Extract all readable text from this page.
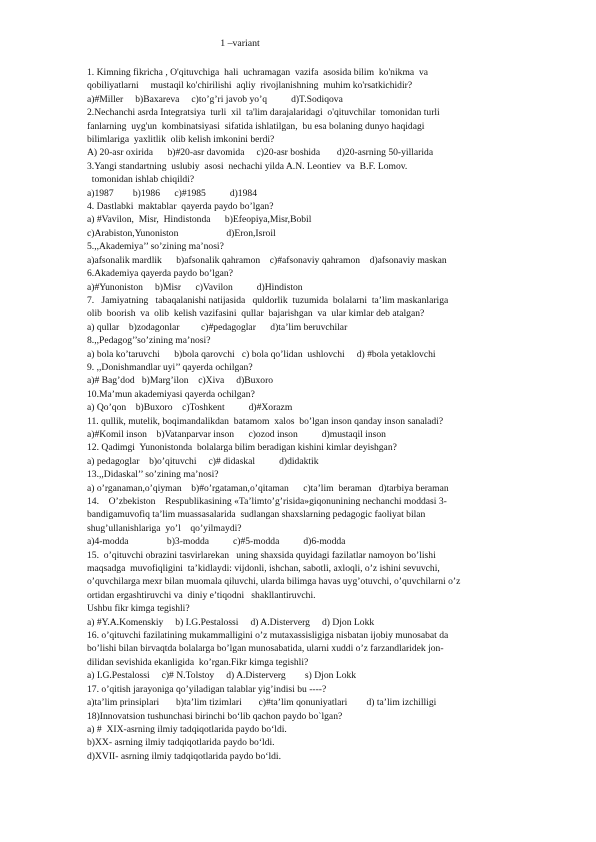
1 –variant
1. Kimning fikricha , O'qituvchiga  hali  uchramagan  vazifa  asosida bilim  ko'nikma  va
qobiliyatlarni     mustaqil ko'chirilishi  aqliy  rivojlanishning  muhim ko'rsatkichidir?
a)#Miller     b)Baxareva     c)to’g’ri javob yo’q          d)T.Sodiqova
2.Nechanchi asrda Integratsiya  turli  xil  ta'lim darajalaridagi  o'qituvchilar  tomonidan turli
fanlarning  uyg'un  kombinatsiyasi  sifatida ishlatilgan,  bu esa bolaning dunyo haqidagi
bilimlariga  yaxlitlik  olib kelish imkonini berdi?
A) 20-asr oxirida      b)#20-asr davomida     c)20-asr boshida       d)20-asrning 50-yillarida
3.Yangi standartning  uslubiy  asosi  nechachi yilda A.N. Leontiev  va  B.F. Lomov.
tomonidan ishlab chiqildi?
a)1987        b)1986      c)#1985          d)1984
4. Dastlabki  maktablar  qayerda paydo bo’lgan?
a) #Vavilon,  Misr,  Hindistonda      b)Efeopiya,Misr,Bobil
c)Arabiston,Yunoniston                    d)Eron,Isroil
5.,,Akademiya’’ so’zining ma’nosi?
a)afsonalik mardlik      b)afsonalik qahramon    c)#afsonaviy qahramon    d)afsonaviy maskan
6.Akademiya qayerda paydo bo’lgan?
a)#Yunoniston     b)Misr      c)Vavilon          d)Hindiston
7.   Jamiyatning   tabaqalanishi natijasida   quldorlik  tuzumida  bolalarni  ta’lim maskanlariga
olib  boorish  va  olib  kelish vazifasini  qullar  bajarishgan  va  ular kimlar deb atalgan?
a) qullar    b)zodagonlar         c)#pedagoglar      d)ta’lim beruvchilar
8.,,Pedagog’’so’zining ma’nosi?
a) bola ko’taruvchi      b)bola qarovchi   c) bola qo’lidan  ushlovchi     d) #bola yetaklovchi
9. ,,Donishmandlar uyi’’ qayerda ochilgan?
a)# Bag’dod   b)Marg’ilon    c)Xiva     d)Buxoro
10.Ma’mun akademiyasi qayerda ochilgan?
a) Qo’qon    b)Buxoro    c)Toshkent          d)#Xorazm
11. qullik, mutelik, boqimandalikdan  batamom  xalos  bo’lgan inson qanday inson sanaladi?
a)#Komil inson    b)Vatanparvar inson      c)ozod inson          d)mustaqil inson
12. Qadimgi  Yunonistonda  bolalarga bilim beradigan kishini kimlar deyishgan?
a) pedagoglar    b)o’qituvchi     c)# didaskal          d)didaktik
13.,,Didaskal’’ so’zining ma’nosi?
a) o’rganaman,o’qiyman    b)#o’rgataman,o’qitaman      c)ta’lim  beraman   d)tarbiya beraman
14.    O’zbekiston    Respublikasining «Ta’limto’g’risida»giqonunining nechanchi moddasi 3-
bandigamuvofiq ta’lim muassasalarida  sudlangan shaxslarning pedagogic faoliyat bilan
shug’ullanishlariga  yo’l    qo’yilmaydi?
a)4-modda                b)3-modda          c)#5-modda          d)6-modda
15.  o’qituvchi obrazini tasvirlarekan   uning shaxsida quyidagi fazilatlar namoyon bo’lishi
maqsadga  muvofiqligini  ta’kidlaydi: vijdonli, ishchan, sabotli, axloqli, o’z ishini sevuvchi,
o’quvchilarga mexr bilan muomala qiluvchi, ularda bilimga havas uyg’otuvchi, o’quvchilarni o’z
ortidan ergashtiruvchi va  diniy e’tiqodni   shakllantiruvchi.
Ushbu fikr kimga tegishli?
a) #Y.A.Komenskiy     b) I.G.Pestalossi     d) A.Disterverg     d) Djon Lokk
16. o’qituvchi fazilatining mukammalligini o’z mutaxassisligiga nisbatan ijobiy munosabat da
bo’lishi bilan birvaqtda bolalarga bo’lgan munosabatida, ularni xuddi o’z farzandlaridek jon-
dilidan sevishida ekanligida  ko’rgan.Fikr kimga tegishli?
a) I.G.Pestalossi     c)# N.Tolstoy     d) A.Disterverg        s) Djon Lokk
17. o’qitish jarayoniga qo’yiladigan talablar yig’indisi bu ----?
a)ta’lim prinsiplari       b)ta’lim tizimlari       c)#ta’lim qonuniyatlari        d) ta’lim izchilligi
18)Innovatsion tushunchasi birinchi bo‘lib qachon paydo bo`lgan?
a) #  XIX-asrning ilmiy tadqiqotlarida paydo bo‘ldi.
b)XX- asrning ilmiy tadqiqotlarida paydo bo‘ldi.
d)XVII- asrning ilmiy tadqiqotlarida paydo bo‘ldi.
